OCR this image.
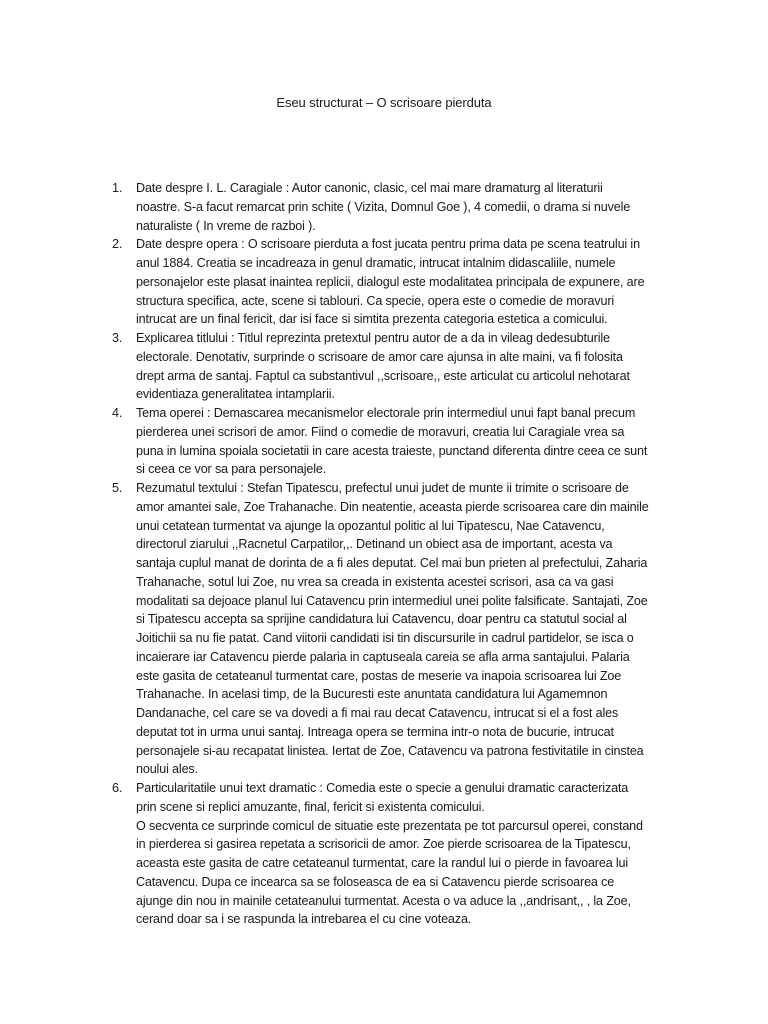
Eseu structurat – O scrisoare pierduta
1.	Date despre I. L. Caragiale : Autor canonic, clasic, cel mai mare dramaturg al literaturii noastre. S-a facut remarcat prin schite ( Vizita, Domnul Goe ), 4 comedii, o drama si nuvele naturaliste ( In vreme de razboi ).
2.	Date despre opera : O scrisoare pierduta a fost jucata pentru prima data pe scena teatrului in anul 1884. Creatia se incadreaza in genul dramatic, intrucat intalnim didascaliile, numele personajelor este plasat inaintea replicii, dialogul este modalitatea principala de expunere, are structura specifica, acte, scene si tablouri. Ca specie, opera este o comedie de moravuri intrucat are un final fericit, dar isi face si simtita prezenta categoria estetica a comicului.
3.	Explicarea titlului : Titlul reprezinta pretextul pentru autor de a da in vileag dedesubturile electorale. Denotativ, surprinde o scrisoare de amor care ajunsa in alte maini, va fi folosita drept arma de santaj. Faptul ca substantivul ,,scrisoare,, este articulat cu articolul nehotarat evidentiaza generalitatea intamplarii.
4.	Tema operei : Demascarea mecanismelor electorale prin intermediul unui fapt banal precum pierderea unei scrisori de amor. Fiind o comedie de moravuri, creatia lui Caragiale vrea sa puna in lumina spoiala societatii in care acesta traieste, punctand diferenta dintre ceea ce sunt si ceea ce vor sa para personajele.
5.	Rezumatul textului : Stefan Tipatescu, prefectul unui judet de munte ii trimite o scrisoare de amor amantei sale, Zoe Trahanache. Din neatentie, aceasta pierde scrisoarea care din mainile unui cetatean turmentat va ajunge la opozantul politic al lui Tipatescu, Nae Catavencu, directorul ziarului ,,Racnetul Carpatilor,,. Detinand un obiect asa de important, acesta va santaja cuplul manat de dorinta de a fi ales deputat. Cel mai bun prieten al prefectului, Zaharia Trahanache, sotul lui Zoe, nu vrea sa creada in existenta acestei scrisori, asa ca va gasi modalitati sa dejoace planul lui Catavencu prin intermediul unei polite falsificate. Santajati, Zoe si Tipatescu accepta sa sprijine candidatura lui Catavencu, doar pentru ca statutul social al Joitichii sa nu fie patat. Cand viitorii candidati isi tin discursurile in cadrul partidelor, se isca o incaierare iar Catavencu pierde palaria in captuseala careia se afla arma santajului. Palaria este gasita de cetateanul turmentat care, postas de meserie va inapoia scrisoarea lui Zoe Trahanache. In acelasi timp, de la Bucuresti este anuntata candidatura lui Agamemnon Dandanache, cel care se va dovedi a fi mai rau decat Catavencu, intrucat si el a fost ales deputat tot in urma unui santaj. Intreaga opera se termina intr-o nota de bucurie, intrucat personajele si-au recapatat linistea. Iertat de Zoe, Catavencu va patrona festivitatile in cinstea noului ales.
6.	Particularitatile unui text dramatic : Comedia este o specie a genului dramatic caracterizata prin scene si replici amuzante, final, fericit si existenta comicului.
O secventa ce surprinde comicul de situatie este prezentata pe tot parcursul operei, constand in pierderea si gasirea repetata a scrisoricii de amor. Zoe pierde scrisoarea de la Tipatescu, aceasta este gasita de catre cetateanul turmentat, care la randul lui o pierde in favoarea lui Catavencu. Dupa ce incearca sa se foloseasca de ea si Catavencu pierde scrisoarea ce ajunge din nou in mainile cetateanului turmentat. Acesta o va aduce la ,,andrisant,, , la Zoe, cerand doar sa i se raspunda la intrebarea el cu cine voteaza.
